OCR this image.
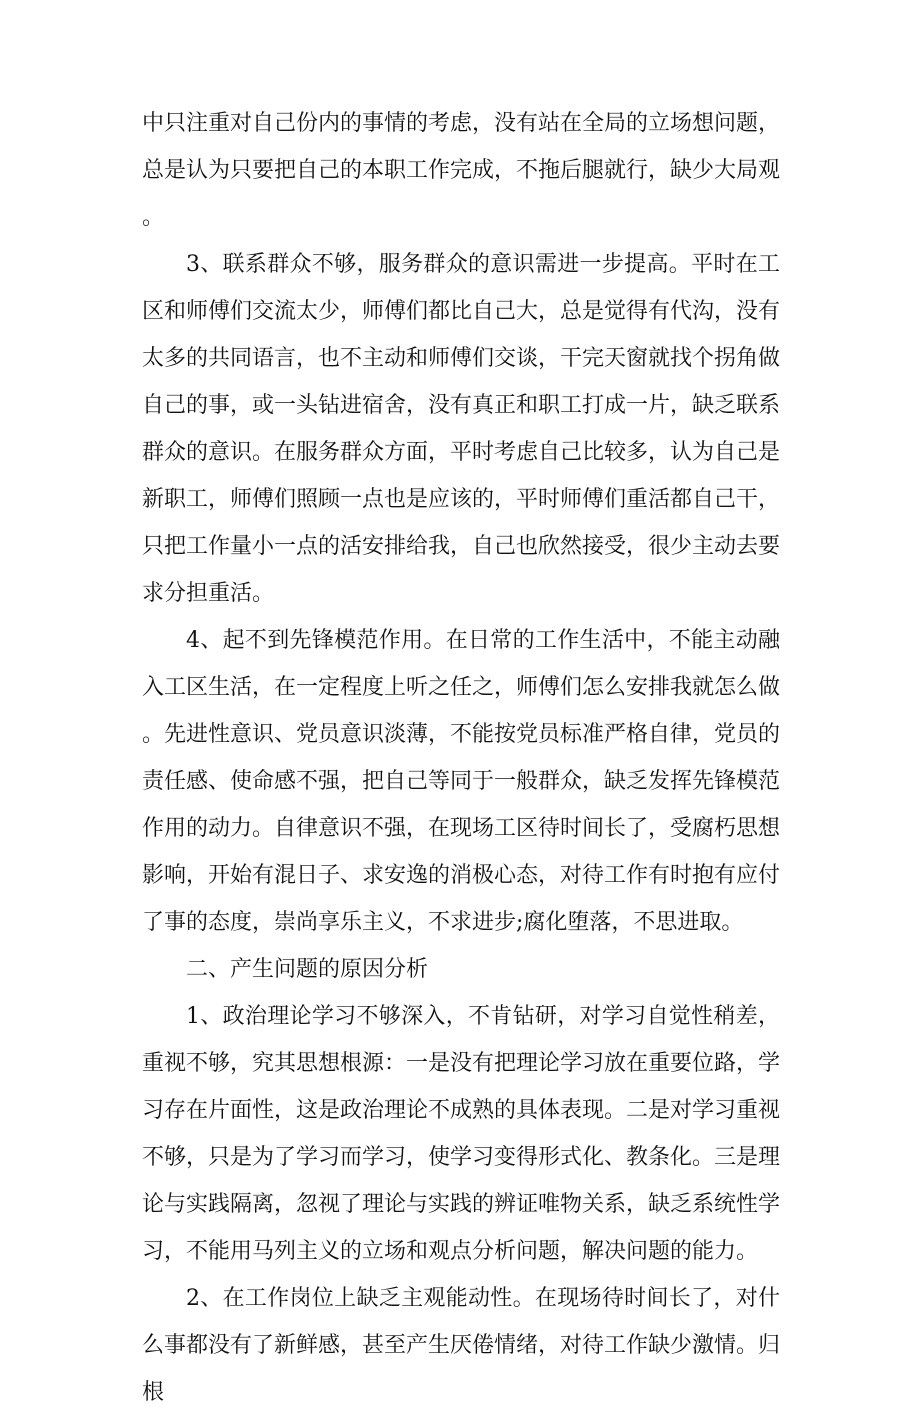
中只注重对自己份内的事情的考虑，没有站在全局的立场想问题，总是认为只要把自己的本职工作完成，不拖后腿就行，缺少大局观。

3、联系群众不够，服务群众的意识需进一步提高。平时在工区和师傅们交流太少，师傅们都比自己大，总是觉得有代沟，没有太多的共同语言，也不主动和师傅们交谈，干完天窗就找个拐角做自己的事，或一头钻进宿舍，没有真正和职工打成一片，缺乏联系群众的意识。在服务群众方面，平时考虑自己比较多，认为自己是新职工，师傅们照顾一点也是应该的，平时师傅们重活都自己干，只把工作量小一点的活安排给我，自己也欣然接受，很少主动去要求分担重活。

4、起不到先锋模范作用。在日常的工作生活中，不能主动融入工区生活，在一定程度上听之任之，师傅们怎么安排我就怎么做。先进性意识、党员意识淡薄，不能按党员标准严格自律，党员的责任感、使命感不强，把自己等同于一般群众，缺乏发挥先锋模范作用的动力。自律意识不强，在现场工区待时间长了，受腐朽思想影响，开始有混日子、求安逸的消极心态，对待工作有时抱有应付了事的态度，崇尚享乐主义，不求进步;腐化堕落，不思进取。

二、产生问题的原因分析

1、政治理论学习不够深入，不肯钻研，对学习自觉性稍差，重视不够，究其思想根源：一是没有把理论学习放在重要位路，学习存在片面性，这是政治理论不成熟的具体表现。二是对学习重视不够，只是为了学习而学习，使学习变得形式化、教条化。三是理论与实践隔离，忽视了理论与实践的辨证唯物关系，缺乏系统性学习，不能用马列主义的立场和观点分析问题，解决问题的能力。

2、在工作岗位上缺乏主观能动性。在现场待时间长了，对什么事都没有了新鲜感，甚至产生厌倦情绪，对待工作缺少激情。归根
